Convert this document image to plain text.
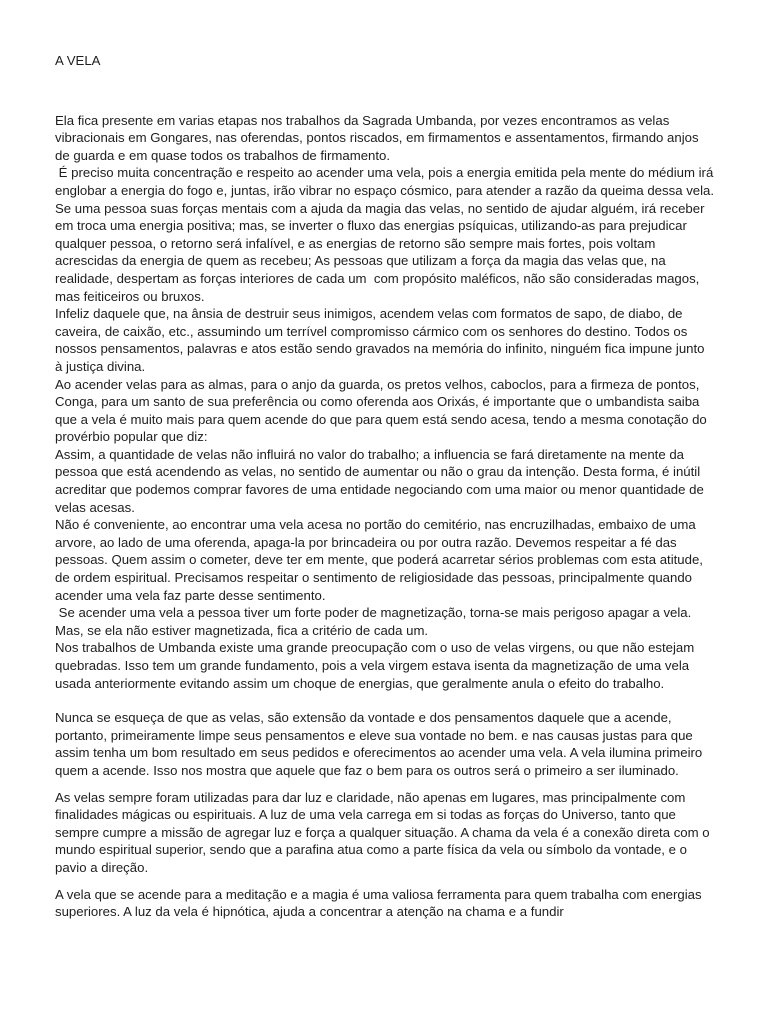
A VELA

Ela fica presente em varias etapas nos trabalhos da Sagrada Umbanda, por vezes encontramos as velas vibracionais em Gongares, nas oferendas, pontos riscados, em firmamentos e assentamentos, firmando anjos de guarda e em quase todos os trabalhos de firmamento.

É preciso muita concentração e respeito ao acender uma vela, pois a energia emitida pela mente do médium irá englobar a energia do fogo e, juntas, irão vibrar no espaço cósmico, para atender a razão da queima dessa vela.

Se uma pessoa suas forças mentais com a ajuda da magia das velas, no sentido de ajudar alguém, irá receber em troca uma energia positiva; mas, se inverter o fluxo das energias psíquicas, utilizando-as para prejudicar qualquer pessoa, o retorno será infalível, e as energias de retorno são sempre mais fortes, pois voltam acrescidas da energia de quem as recebeu; As pessoas que utilizam a força da magia das velas que, na realidade, despertam as forças interiores de cada um  com propósito maléficos, não são consideradas magos, mas feiticeiros ou bruxos.

Infeliz daquele que, na ânsia de destruir seus inimigos, acendem velas com formatos de sapo, de diabo, de caveira, de caixão, etc., assumindo um terrível compromisso cármico com os senhores do destino. Todos os nossos pensamentos, palavras e atos estão sendo gravados na memória do infinito, ninguém fica impune junto à justiça divina.

Ao acender velas para as almas, para o anjo da guarda, os pretos velhos, caboclos, para a firmeza de pontos, Conga, para um santo de sua preferência ou como oferenda aos Orixás, é importante que o umbandista saiba que a vela é muito mais para quem acende do que para quem está sendo acesa, tendo a mesma conotação do provérbio popular que diz:

Assim, a quantidade de velas não influirá no valor do trabalho; a influencia se fará diretamente na mente da pessoa que está acendendo as velas, no sentido de aumentar ou não o grau da intenção. Desta forma, é inútil acreditar que podemos comprar favores de uma entidade negociando com uma maior ou menor quantidade de velas acesas.

Não é conveniente, ao encontrar uma vela acesa no portão do cemitério, nas encruzilhadas, embaixo de uma arvore, ao lado de uma oferenda, apaga-la por brincadeira ou por outra razão. Devemos respeitar a fé das pessoas. Quem assim o cometer, deve ter em mente, que poderá acarretar sérios problemas com esta atitude, de ordem espiritual. Precisamos respeitar o sentimento de religiosidade das pessoas, principalmente quando acender uma vela faz parte desse sentimento.

Se acender uma vela a pessoa tiver um forte poder de magnetização, torna-se mais perigoso apagar a vela. Mas, se ela não estiver magnetizada, fica a critério de cada um.

Nos trabalhos de Umbanda existe uma grande preocupação com o uso de velas virgens, ou que não estejam quebradas. Isso tem um grande fundamento, pois a vela virgem estava isenta da magnetização de uma vela usada anteriormente evitando assim um choque de energias, que geralmente anula o efeito do trabalho.

Nunca se esqueça de que as velas, são extensão da vontade e dos pensamentos daquele que a acende, portanto, primeiramente limpe seus pensamentos e eleve sua vontade no bem. e nas causas justas para que assim tenha um bom resultado em seus pedidos e oferecimentos ao acender uma vela. A vela ilumina primeiro quem a acende. Isso nos mostra que aquele que faz o bem para os outros será o primeiro a ser iluminado.

As velas sempre foram utilizadas para dar luz e claridade, não apenas em lugares, mas principalmente com finalidades mágicas ou espirituais. A luz de uma vela carrega em si todas as forças do Universo, tanto que sempre cumpre a missão de agregar luz e força a qualquer situação. A chama da vela é a conexão direta com o mundo espiritual superior, sendo que a parafina atua como a parte física da vela ou símbolo da vontade, e o pavio a direção.

A vela que se acende para a meditação e a magia é uma valiosa ferramenta para quem trabalha com energias superiores. A luz da vela é hipnótica, ajuda a concentrar a atenção na chama e a fundir
